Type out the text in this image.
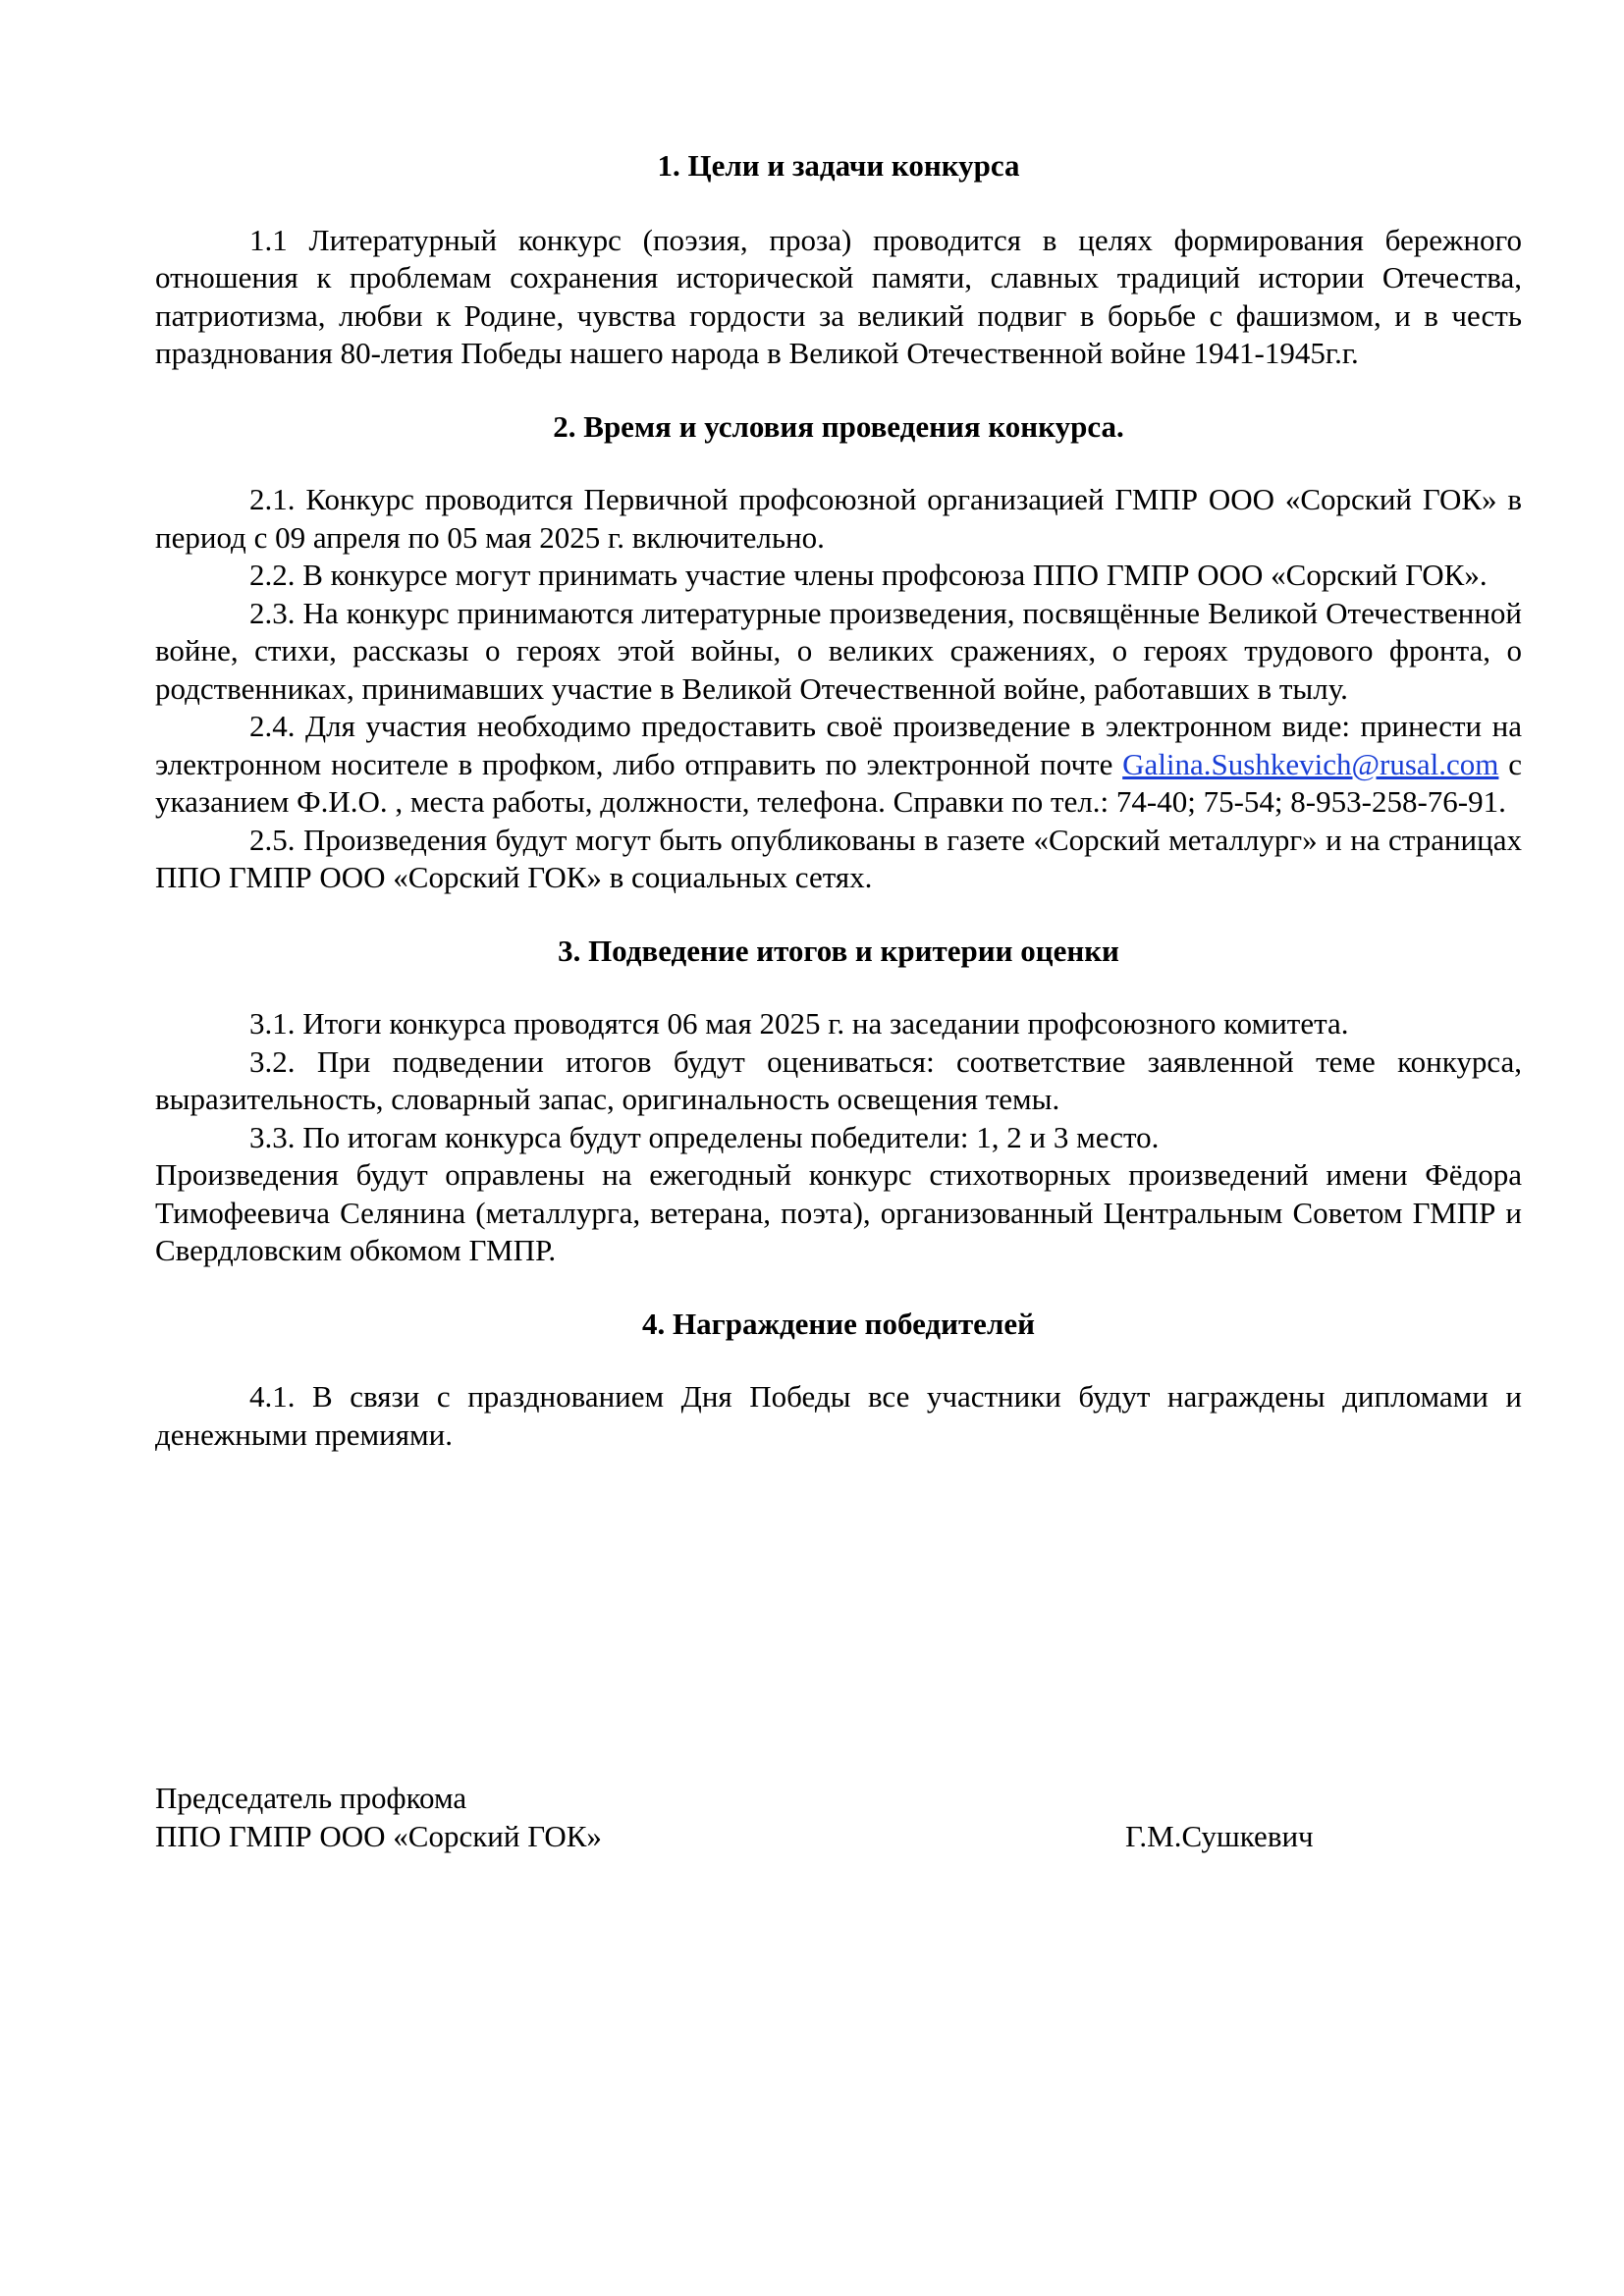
1. Цели и задачи конкурса

1.1 Литературный конкурс (поэзия, проза) проводится в целях формирования бережного отношения к проблемам сохранения исторической памяти, славных традиций истории Отечества, патриотизма, любви к Родине, чувства гордости за великий подвиг в борьбе с фашизмом, и в честь празднования 80-летия Победы нашего народа в Великой Отечественной войне 1941-1945г.г.

2. Время и условия проведения конкурса.

2.1. Конкурс проводится Первичной профсоюзной организацией ГМПР ООО «Сорский ГОК» в период с 09 апреля по 05 мая 2025 г. включительно.

2.2. В конкурсе могут принимать участие члены профсоюза ППО ГМПР ООО «Сорский ГОК».

2.3. На конкурс принимаются литературные произведения, посвящённые Великой Отечественной войне, стихи, рассказы о героях этой войны, о великих сражениях, о героях трудового фронта, о родственниках, принимавших участие в Великой Отечественной войне, работавших в тылу.

2.4. Для участия необходимо предоставить своё произведение в электронном виде: принести на электронном носителе в профком, либо отправить по электронной почте Galina.Sushkevich@rusal.com с указанием Ф.И.О. , места работы, должности, телефона. Справки по тел.: 74-40; 75-54; 8-953-258-76-91.

2.5. Произведения будут могут быть опубликованы в газете «Сорский металлург» и на страницах ППО ГМПР ООО «Сорский ГОК» в социальных сетях.

3. Подведение итогов и критерии оценки

3.1. Итоги конкурса проводятся 06 мая 2025 г. на заседании профсоюзного комитета.

3.2. При подведении итогов будут оцениваться: соответствие заявленной теме конкурса, выразительность, словарный запас, оригинальность освещения темы.

3.3. По итогам конкурса будут определены победители: 1, 2 и 3 место.

Произведения будут оправлены на ежегодный конкурс стихотворных произведений имени Фёдора Тимофеевича Селянина (металлурга, ветерана, поэта), организованный Центральным Советом ГМПР и Свердловским обкомом ГМПР.

4. Награждение победителей

4.1. В связи с празднованием Дня Победы все участники будут награждены дипломами и денежными премиями.

Председатель профкома
ППО ГМПР ООО «Сорский ГОК»	Г.М.Сушкевич
